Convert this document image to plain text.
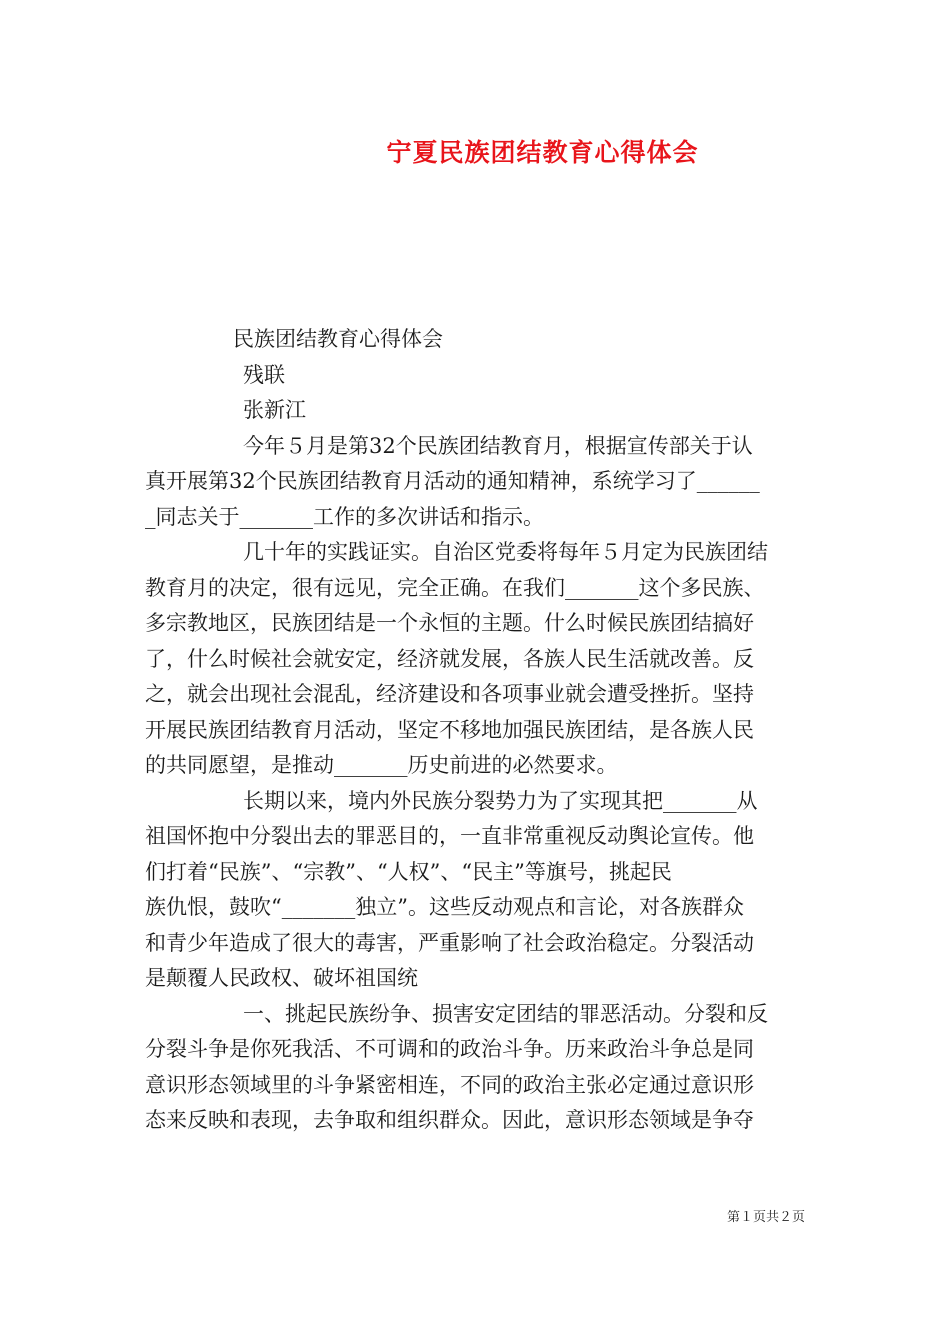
宁夏民族团结教育心得体会
民族团结教育心得体会
残联
张新江
今年５月是第32个民族团结教育月，根据宣传部关于认
真开展第32个民族团结教育月活动的通知精神，系统学习了______
_同志关于_______工作的多次讲话和指示。
几十年的实践证实。自治区党委将每年５月定为民族团结
教育月的决定，很有远见，完全正确。在我们_______这个多民族、
多宗教地区，民族团结是一个永恒的主题。什么时候民族团结搞好
了，什么时候社会就安定，经济就发展，各族人民生活就改善。反
之，就会出现社会混乱，经济建设和各项事业就会遭受挫折。坚持
开展民族团结教育月活动，坚定不移地加强民族团结，是各族人民
的共同愿望，是推动_______历史前进的必然要求。
长期以来，境内外民族分裂势力为了实现其把_______从
祖国怀抱中分裂出去的罪恶目的，一直非常重视反动舆论宣传。他
们打着“民族”、“宗教”、“人权”、“民主”等旗号，挑起民
族仇恨，鼓吹“_______独立”。这些反动观点和言论，对各族群众
和青少年造成了很大的毒害，严重影响了社会政治稳定。分裂活动
是颠覆人民政权、破坏祖国统
一、挑起民族纷争、损害安定团结的罪恶活动。分裂和反
分裂斗争是你死我活、不可调和的政治斗争。历来政治斗争总是同
意识形态领域里的斗争紧密相连，不同的政治主张必定通过意识形
态来反映和表现，去争取和组织群众。因此，意识形态领域是争夺
第１页共２页
